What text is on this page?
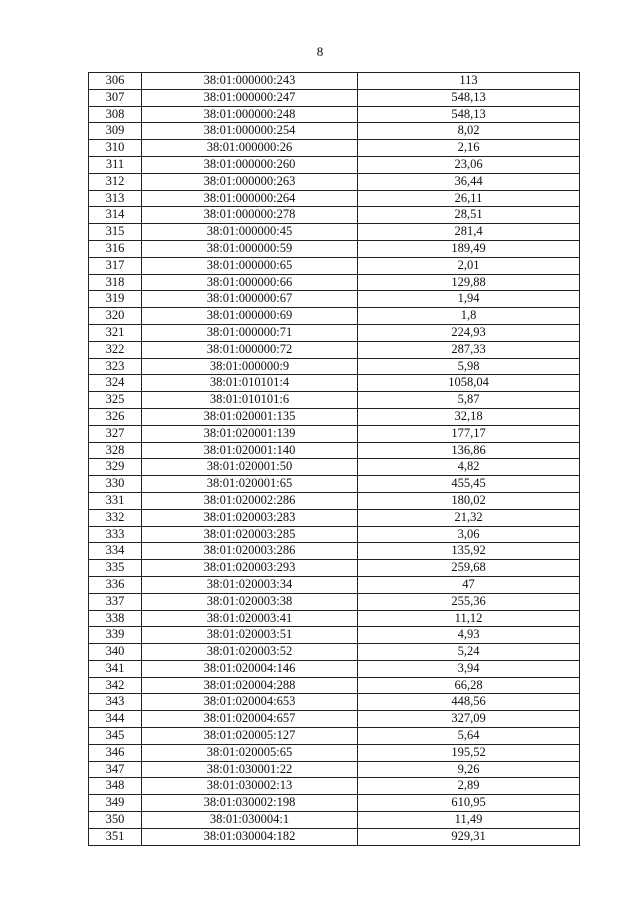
8
306	38:01:000000:243	113
307	38:01:000000:247	548,13
308	38:01:000000:248	548,13
309	38:01:000000:254	8,02
310	38:01:000000:26	2,16
311	38:01:000000:260	23,06
312	38:01:000000:263	36,44
313	38:01:000000:264	26,11
314	38:01:000000:278	28,51
315	38:01:000000:45	281,4
316	38:01:000000:59	189,49
317	38:01:000000:65	2,01
318	38:01:000000:66	129,88
319	38:01:000000:67	1,94
320	38:01:000000:69	1,8
321	38:01:000000:71	224,93
322	38:01:000000:72	287,33
323	38:01:000000:9	5,98
324	38:01:010101:4	1058,04
325	38:01:010101:6	5,87
326	38:01:020001:135	32,18
327	38:01:020001:139	177,17
328	38:01:020001:140	136,86
329	38:01:020001:50	4,82
330	38:01:020001:65	455,45
331	38:01:020002:286	180,02
332	38:01:020003:283	21,32
333	38:01:020003:285	3,06
334	38:01:020003:286	135,92
335	38:01:020003:293	259,68
336	38:01:020003:34	47
337	38:01:020003:38	255,36
338	38:01:020003:41	11,12
339	38:01:020003:51	4,93
340	38:01:020003:52	5,24
341	38:01:020004:146	3,94
342	38:01:020004:288	66,28
343	38:01:020004:653	448,56
344	38:01:020004:657	327,09
345	38:01:020005:127	5,64
346	38:01:020005:65	195,52
347	38:01:030001:22	9,26
348	38:01:030002:13	2,89
349	38:01:030002:198	610,95
350	38:01:030004:1	11,49
351	38:01:030004:182	929,31
